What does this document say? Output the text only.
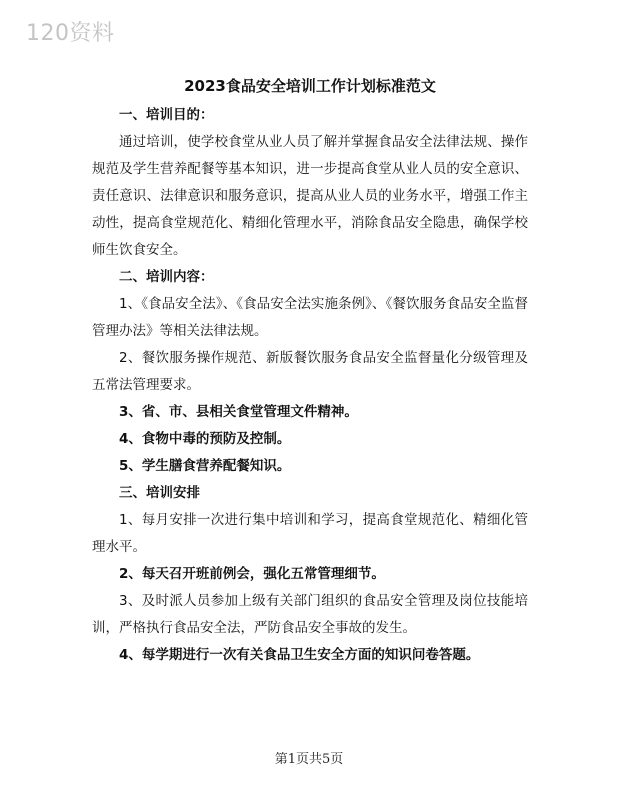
120资料
2023食品安全培训工作计划标准范文

一、培训目的：

通过培训，使学校食堂从业人员了解并掌握食品安全法律法规、操作规范及学生营养配餐等基本知识，进一步提高食堂从业人员的安全意识、责任意识、法律意识和服务意识，提高从业人员的业务水平，增强工作主动性，提高食堂规范化、精细化管理水平，消除食品安全隐患，确保学校师生饮食安全。

二、培训内容：

1、《食品安全法》、《食品安全法实施条例》、《餐饮服务食品安全监督管理办法》等相关法律法规。

2、餐饮服务操作规范、新版餐饮服务食品安全监督量化分级管理及五常法管理要求。

3、省、市、县相关食堂管理文件精神。

4、食物中毒的预防及控制。

5、学生膳食营养配餐知识。

三、培训安排

1、每月安排一次进行集中培训和学习，提高食堂规范化、精细化管理水平。

2、每天召开班前例会，强化五常管理细节。

3、及时派人员参加上级有关部门组织的食品安全管理及岗位技能培训，严格执行食品安全法，严防食品安全事故的发生。

4、每学期进行一次有关食品卫生安全方面的知识问卷答题。

第1页共5页
